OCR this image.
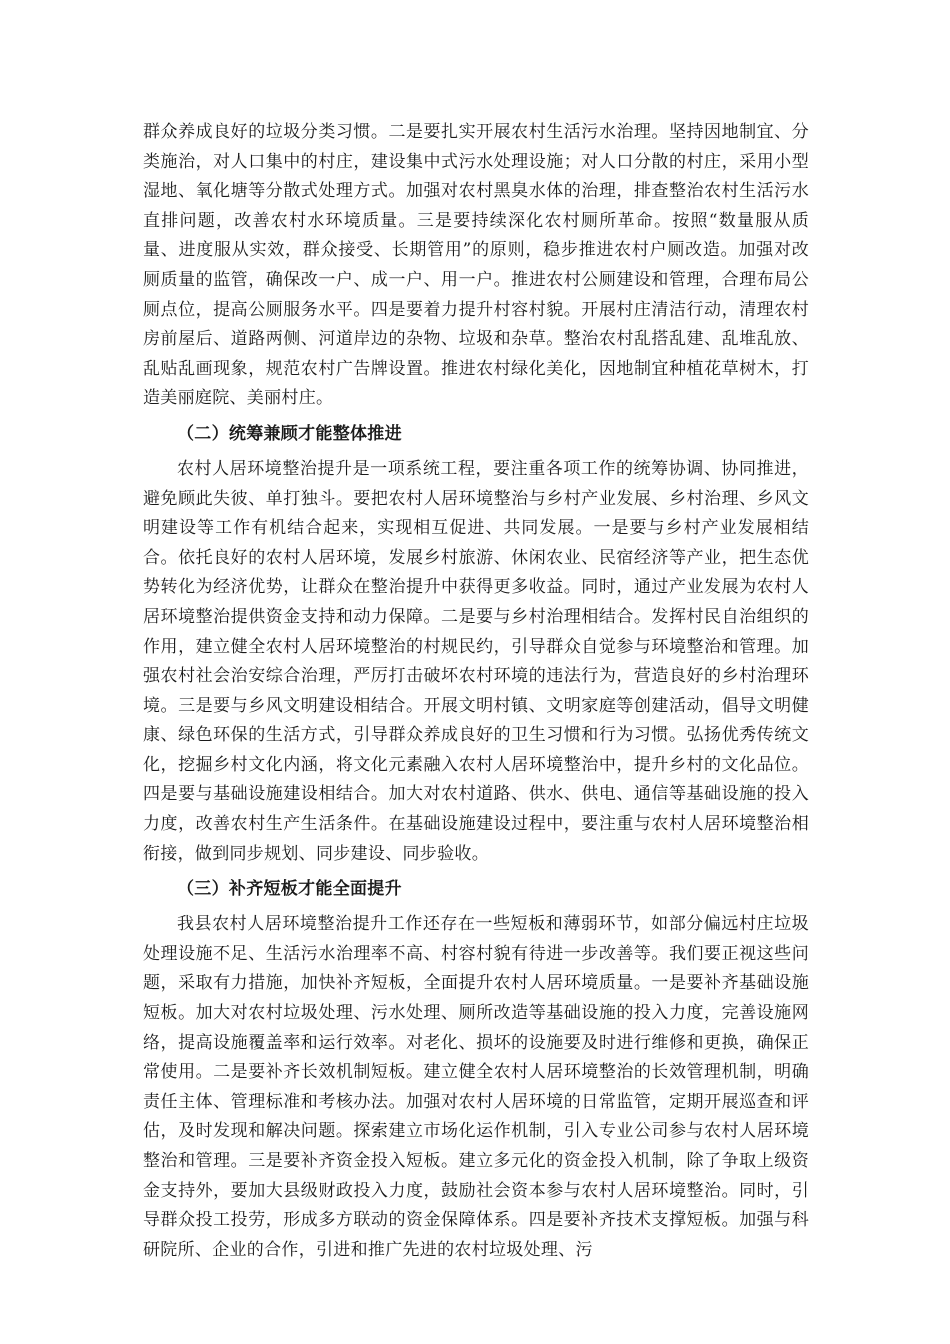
群众养成良好的垃圾分类习惯。二是要扎实开展农村生活污水治理。坚持因地制宜、分类施治，对人口集中的村庄，建设集中式污水处理设施；对人口分散的村庄，采用小型湿地、氧化塘等分散式处理方式。加强对农村黑臭水体的治理，排查整治农村生活污水直排问题，改善农村水环境质量。三是要持续深化农村厕所革命。按照“数量服从质量、进度服从实效，群众接受、长期管用”的原则，稳步推进农村户厕改造。加强对改厕质量的监管，确保改一户、成一户、用一户。推进农村公厕建设和管理，合理布局公厕点位，提高公厕服务水平。四是要着力提升村容村貌。开展村庄清洁行动，清理农村房前屋后、道路两侧、河道岸边的杂物、垃圾和杂草。整治农村乱搭乱建、乱堆乱放、乱贴乱画现象，规范农村广告牌设置。推进农村绿化美化，因地制宜种植花草树木，打造美丽庭院、美丽村庄。

（二）统筹兼顾才能整体推进

农村人居环境整治提升是一项系统工程，要注重各项工作的统筹协调、协同推进，避免顾此失彼、单打独斗。要把农村人居环境整治与乡村产业发展、乡村治理、乡风文明建设等工作有机结合起来，实现相互促进、共同发展。一是要与乡村产业发展相结合。依托良好的农村人居环境，发展乡村旅游、休闲农业、民宿经济等产业，把生态优势转化为经济优势，让群众在整治提升中获得更多收益。同时，通过产业发展为农村人居环境整治提供资金支持和动力保障。二是要与乡村治理相结合。发挥村民自治组织的作用，建立健全农村人居环境整治的村规民约，引导群众自觉参与环境整治和管理。加强农村社会治安综合治理，严厉打击破坏农村环境的违法行为，营造良好的乡村治理环境。三是要与乡风文明建设相结合。开展文明村镇、文明家庭等创建活动，倡导文明健康、绿色环保的生活方式，引导群众养成良好的卫生习惯和行为习惯。弘扬优秀传统文化，挖掘乡村文化内涵，将文化元素融入农村人居环境整治中，提升乡村的文化品位。四是要与基础设施建设相结合。加大对农村道路、供水、供电、通信等基础设施的投入力度，改善农村生产生活条件。在基础设施建设过程中，要注重与农村人居环境整治相衔接，做到同步规划、同步建设、同步验收。

（三）补齐短板才能全面提升

我县农村人居环境整治提升工作还存在一些短板和薄弱环节，如部分偏远村庄垃圾处理设施不足、生活污水治理率不高、村容村貌有待进一步改善等。我们要正视这些问题，采取有力措施，加快补齐短板，全面提升农村人居环境质量。一是要补齐基础设施短板。加大对农村垃圾处理、污水处理、厕所改造等基础设施的投入力度，完善设施网络，提高设施覆盖率和运行效率。对老化、损坏的设施要及时进行维修和更换，确保正常使用。二是要补齐长效机制短板。建立健全农村人居环境整治的长效管理机制，明确责任主体、管理标准和考核办法。加强对农村人居环境的日常监管，定期开展巡查和评估，及时发现和解决问题。探索建立市场化运作机制，引入专业公司参与农村人居环境整治和管理。三是要补齐资金投入短板。建立多元化的资金投入机制，除了争取上级资金支持外，要加大县级财政投入力度，鼓励社会资本参与农村人居环境整治。同时，引导群众投工投劳，形成多方联动的资金保障体系。四是要补齐技术支撑短板。加强与科研院所、企业的合作，引进和推广先进的农村垃圾处理、污
